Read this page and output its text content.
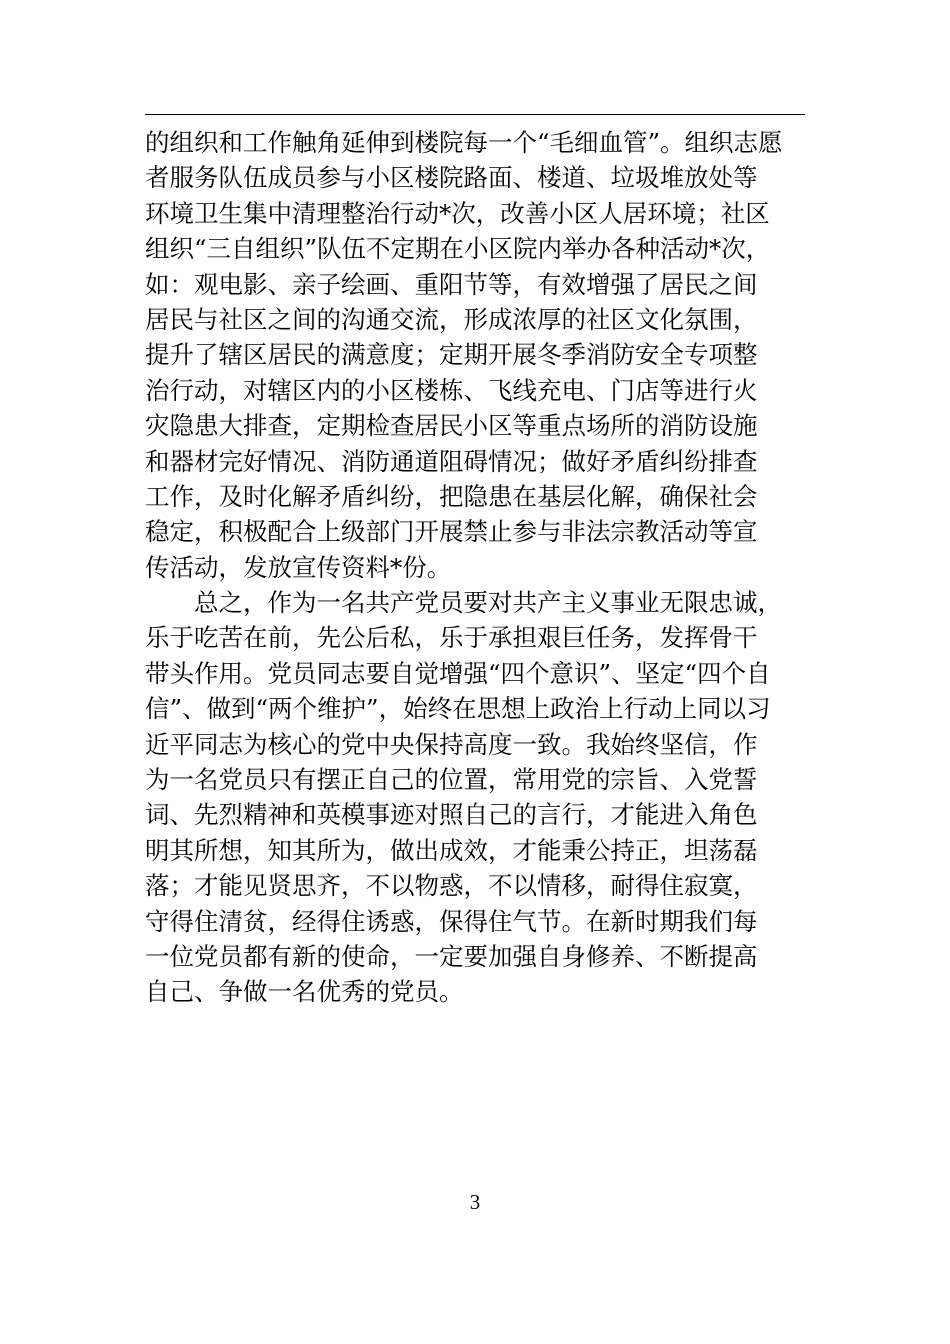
的组织和工作触角延伸到楼院每一个“毛细血管”。组织志愿
者服务队伍成员参与小区楼院路面、楼道、垃圾堆放处等
环境卫生集中清理整治行动*次，改善小区人居环境；社区
组织“三自组织”队伍不定期在小区院内举办各种活动*次，
如：观电影、亲子绘画、重阳节等，有效增强了居民之间
居民与社区之间的沟通交流，形成浓厚的社区文化氛围，
提升了辖区居民的满意度；定期开展冬季消防安全专项整
治行动，对辖区内的小区楼栋、飞线充电、门店等进行火
灾隐患大排查，定期检查居民小区等重点场所的消防设施
和器材完好情况、消防通道阻碍情况；做好矛盾纠纷排查
工作，及时化解矛盾纠纷，把隐患在基层化解，确保社会
稳定，积极配合上级部门开展禁止参与非法宗教活动等宣
传活动，发放宣传资料*份。

总之，作为一名共产党员要对共产主义事业无限忠诚，
乐于吃苦在前，先公后私，乐于承担艰巨任务，发挥骨干
带头作用。党员同志要自觉增强“四个意识”、坚定“四个自
信”、做到“两个维护”，始终在思想上政治上行动上同以习
近平同志为核心的党中央保持高度一致。我始终坚信，作
为一名党员只有摆正自己的位置，常用党的宗旨、入党誓
词、先烈精神和英模事迹对照自己的言行，才能进入角色
明其所想，知其所为，做出成效，才能秉公持正，坦荡磊
落；才能见贤思齐，不以物惑，不以情移，耐得住寂寞，
守得住清贫，经得住诱惑，保得住气节。在新时期我们每
一位党员都有新的使命，一定要加强自身修养、不断提高
自己、争做一名优秀的党员。

3
